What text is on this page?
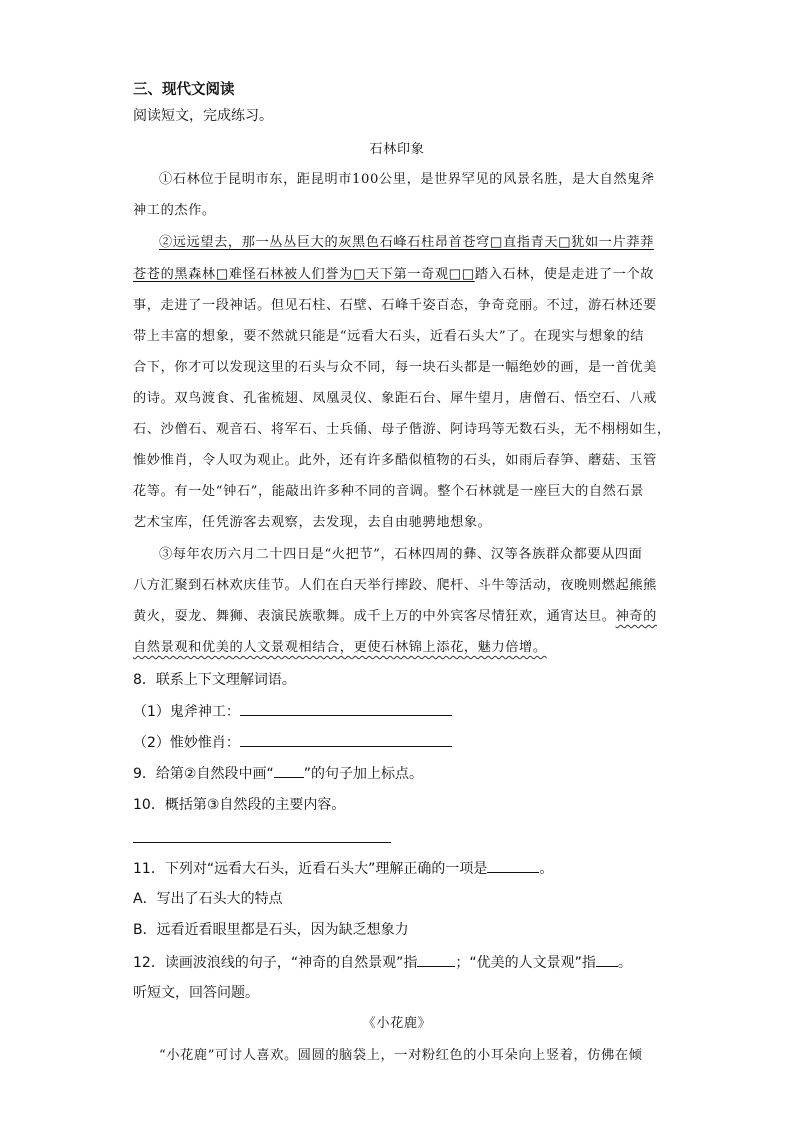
三、现代文阅读
阅读短文，完成练习。
石林印象
①石林位于昆明市东，距昆明市100公里，是世界罕见的风景名胜，是大自然鬼斧
神工的杰作。
②远远望去，那一丛丛巨大的灰黑色石峰石柱昂首苍穹□直指青天□犹如一片莽莽
苍苍的黑森林□难怪石林被人们誉为□天下第一奇观□□踏入石林，使是走进了一个故
事，走进了一段神话。但见石柱、石壁、石峰千姿百态，争奇竞丽。不过，游石林还要
带上丰富的想象，要不然就只能是“远看大石头，近看石头大”了。在现实与想象的结
合下，你才可以发现这里的石头与众不同，每一块石头都是一幅绝妙的画，是一首优美
的诗。双鸟渡食、孔雀梳翅、凤凰灵仪、象距石台、犀牛望月，唐僧石、悟空石、八戒
石、沙僧石、观音石、将军石、士兵俑、母子偕游、阿诗玛等无数石头，无不栩栩如生，
惟妙惟肖，令人叹为观止。此外，还有许多酷似植物的石头，如雨后春笋、蘑菇、玉管
花等。有一处“钟石”，能敲出许多种不同的音调。整个石林就是一座巨大的自然石景
艺术宝库，任凭游客去观察，去发现，去自由驰骋地想象。
③每年农历六月二十四日是“火把节”，石林四周的彝、汉等各族群众都要从四面
八方汇聚到石林欢庆佳节。人们在白天举行摔跤、爬杆、斗牛等活动，夜晚则燃起熊熊
黄火，耍龙、舞狮、表演民族歌舞。成千上万的中外宾客尽情狂欢，通宵达旦。神奇的
自然景观和优美的人文景观相结合，更使石林锦上添花，魅力倍增。
8．联系上下文理解词语。
（1）鬼斧神工：
（2）惟妙惟肖：
9．给第②自然段中画“ ”的句子加上标点。
10．概括第③自然段的主要内容。
11．下列对“远看大石头，近看石头大”理解正确的一项是	。
A．写出了石头大的特点
B．远看近看眼里都是石头，因为缺乏想象力
12．读画波浪线的句子，“神奇的自然景观”指	；“优美的人文景观”指 。
听短文，回答问题。
《小花鹿》
“小花鹿”可讨人喜欢。圆圆的脑袋上，一对粉红色的小耳朵向上竖着，仿佛在倾
